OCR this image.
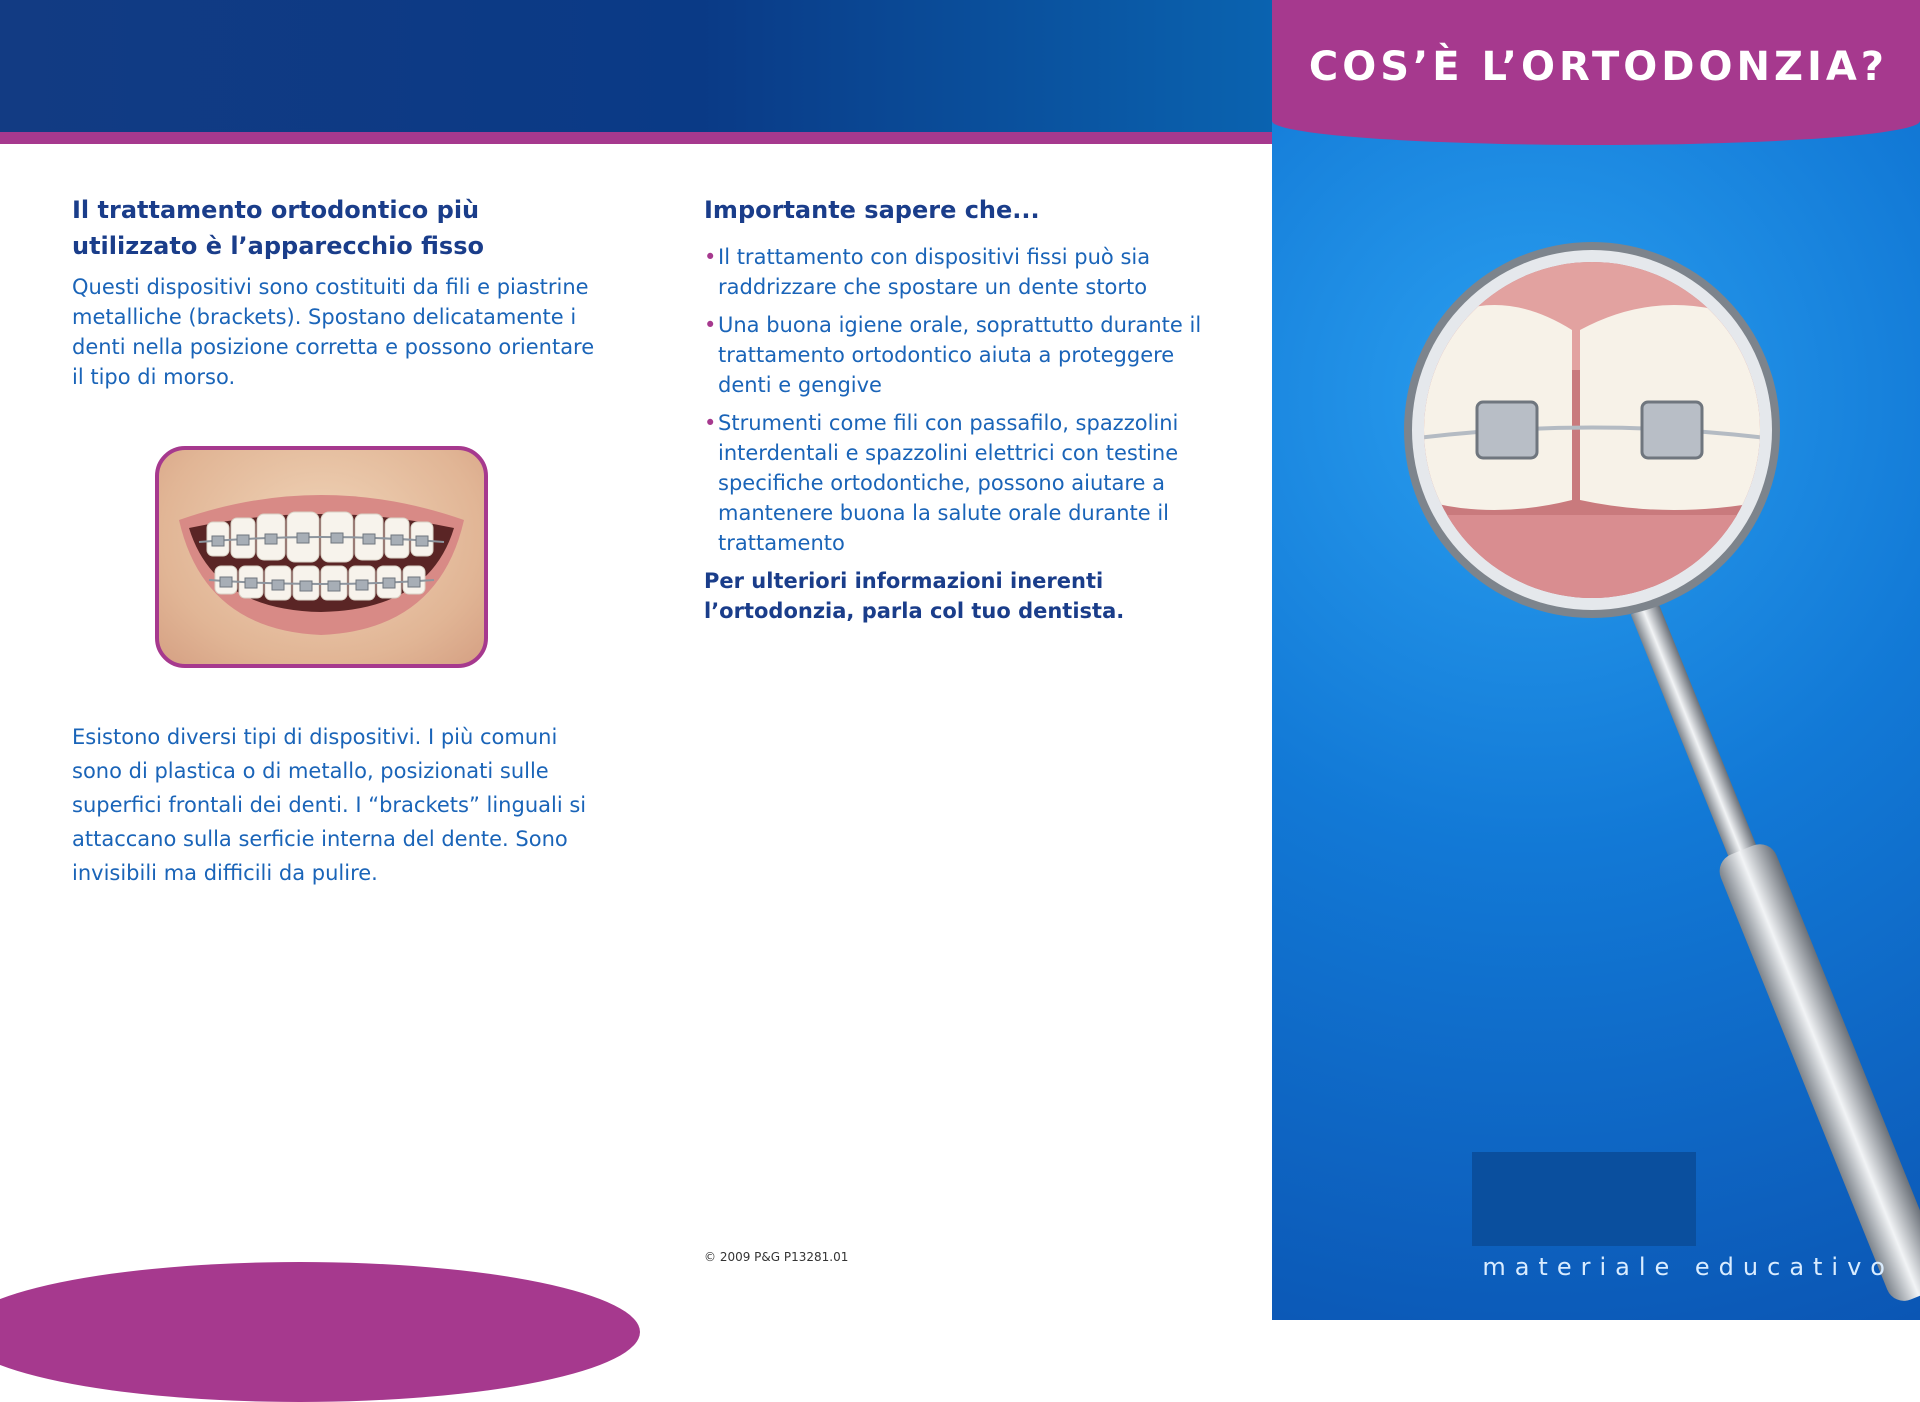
Il trattamento ortodontico più utilizzato è l’apparecchio fisso

Questi dispositivi sono costituiti da fili e piastrine metalliche (brackets). Spostano delicatamente i denti nella posizione corretta e possono orientare il tipo di morso.

Esistono diversi tipi di dispositivi. I più comuni sono di plastica o di metallo, posizionati sulle superfici frontali dei denti. I “brackets” linguali si attaccano sulla serficie interna del dente. Sono invisibili ma difficili da pulire.

Importante sapere che...
• Il trattamento con dispositivi fissi può sia raddrizzare che spostare un dente storto
• Una buona igiene orale, soprattutto durante il trattamento ortodontico aiuta a proteggere denti e gengive
• Strumenti come fili con passafilo, spazzolini interdentali e spazzolini elettrici con testine specifiche ortodontiche, possono aiutare a mantenere buona la salute orale durante il trattamento
Per ulteriori informazioni inerenti l’ortodonzia, parla col tuo dentista.
© 2009 P&G P13281.01
COS’È L’ORTODONZIA?
materiale educativo
